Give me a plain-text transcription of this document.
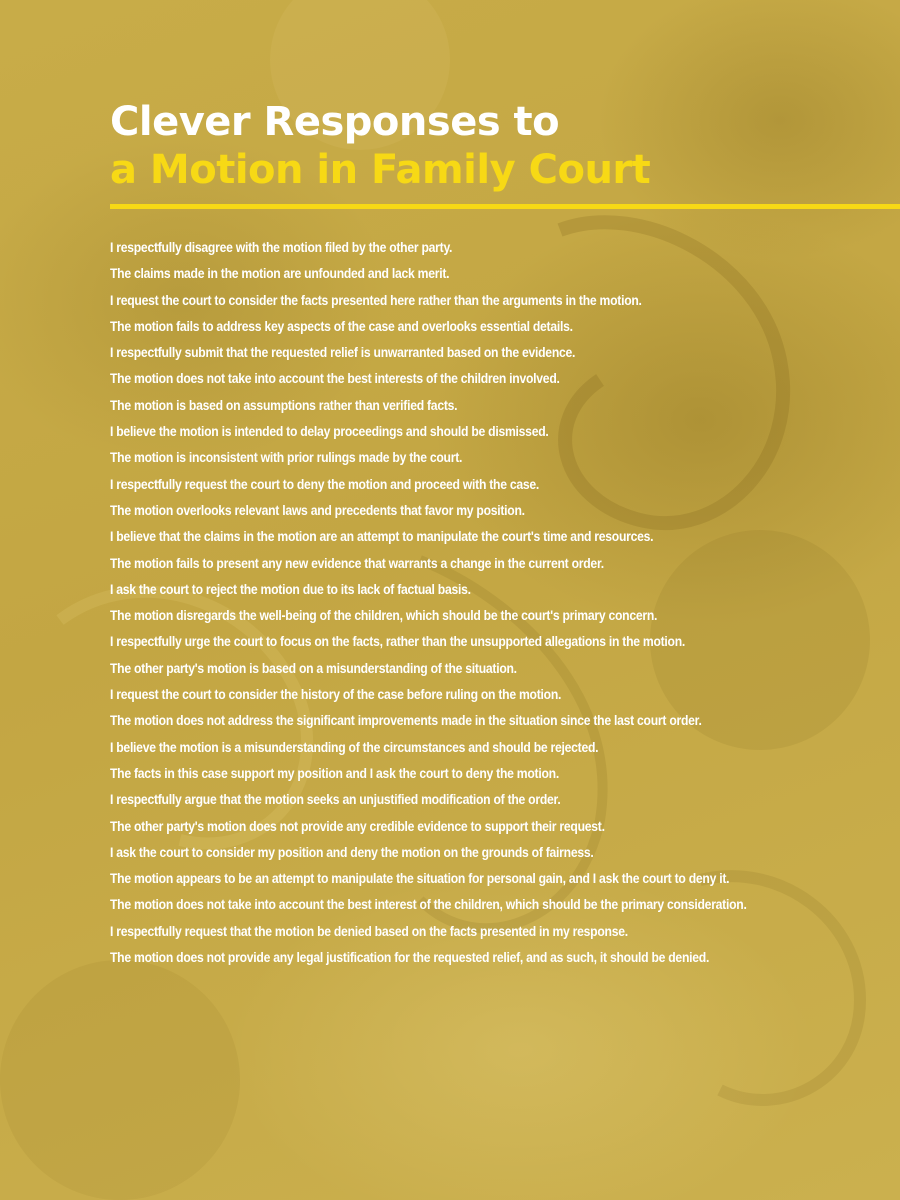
Clever Responses to
a Motion in Family Court
I respectfully disagree with the motion filed by the other party.
The claims made in the motion are unfounded and lack merit.
I request the court to consider the facts presented here rather than the arguments in the motion.
The motion fails to address key aspects of the case and overlooks essential details.
I respectfully submit that the requested relief is unwarranted based on the evidence.
The motion does not take into account the best interests of the children involved.
The motion is based on assumptions rather than verified facts.
I believe the motion is intended to delay proceedings and should be dismissed.
The motion is inconsistent with prior rulings made by the court.
I respectfully request the court to deny the motion and proceed with the case.
The motion overlooks relevant laws and precedents that favor my position.
I believe that the claims in the motion are an attempt to manipulate the court's time and resources.
The motion fails to present any new evidence that warrants a change in the current order.
I ask the court to reject the motion due to its lack of factual basis.
The motion disregards the well-being of the children, which should be the court's primary concern.
I respectfully urge the court to focus on the facts, rather than the unsupported allegations in the motion.
The other party's motion is based on a misunderstanding of the situation.
I request the court to consider the history of the case before ruling on the motion.
The motion does not address the significant improvements made in the situation since the last court order.
I believe the motion is a misunderstanding of the circumstances and should be rejected.
The facts in this case support my position and I ask the court to deny the motion.
I respectfully argue that the motion seeks an unjustified modification of the order.
The other party's motion does not provide any credible evidence to support their request.
I ask the court to consider my position and deny the motion on the grounds of fairness.
The motion appears to be an attempt to manipulate the situation for personal gain, and I ask the court to deny it.
The motion does not take into account the best interest of the children, which should be the primary consideration.
I respectfully request that the motion be denied based on the facts presented in my response.
The motion does not provide any legal justification for the requested relief, and as such, it should be denied.
